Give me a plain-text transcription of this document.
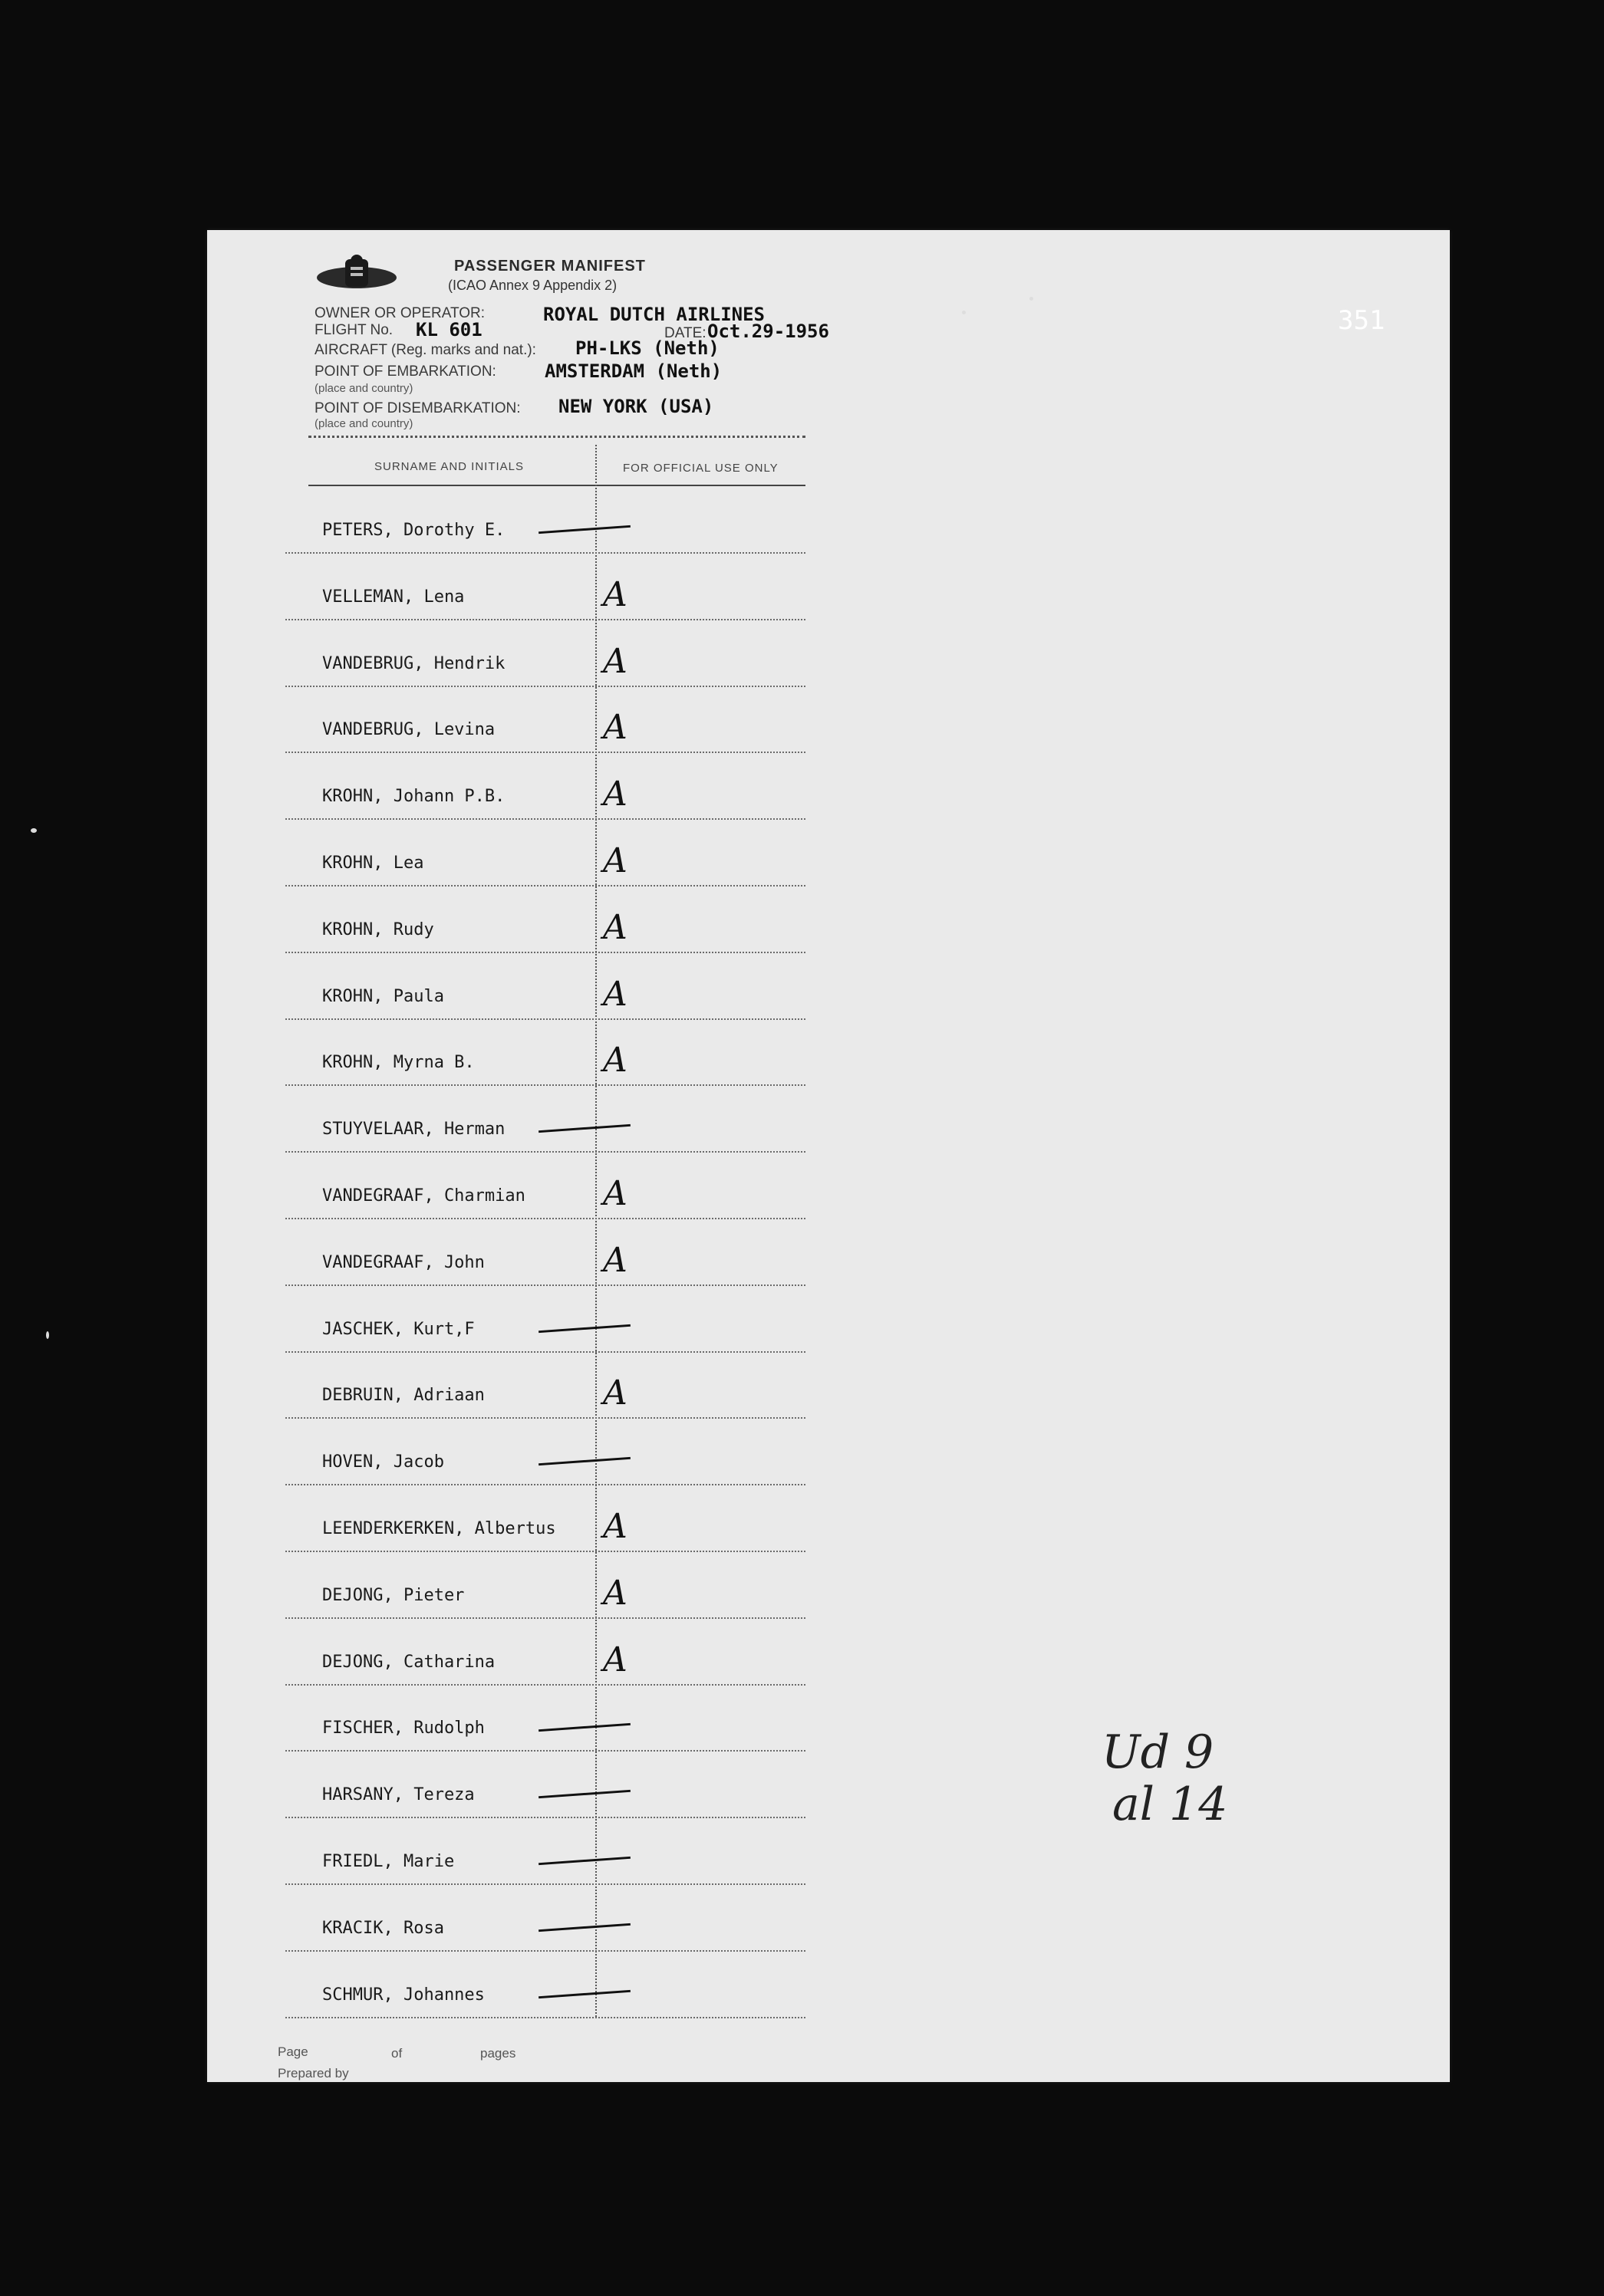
PASSENGER MANIFEST
(ICAO Annex 9 Appendix 2)
OWNER OR OPERATOR:	ROYAL DUTCH AIRLINES
FLIGHT No. KL 601	DATE: Oct.29-1956
AIRCRAFT (Reg. marks and nat.): PH-LKS (Neth)
POINT OF EMBARKATION:	AMSTERDAM (Neth)
(place and country)
POINT OF DISEMBARKATION: NEW YORK (USA)
(place and country)
351
SURNAME AND INITIALS	FOR OFFICIAL USE ONLY
PETERS, Dorothy E.
VELLEMAN, Lena	A
VANDEBRUG, Hendrik	A
VANDEBRUG, Levina	A
KROHN, Johann P.B.	A
KROHN, Lea	A
KROHN, Rudy	A
KROHN, Paula	A
KROHN, Myrna B.	A
STUYVELAAR, Herman
VANDEGRAAF, Charmian A
VANDEGRAAF, John	A
JASCHEK, Kurt,F
DEBRUIN, Adriaan	A
HOVEN, Jacob
LEENDERKERKEN, Albertus A
DEJONG, Pieter	A
DEJONG, Catharina	A
FISCHER, Rudolph
HARSANY, Tereza
FRIEDL, Marie
KRACIK, Rosa
SCHMUR, Johannes
Page	of	pages
Prepared by
Ud 9
al 14
